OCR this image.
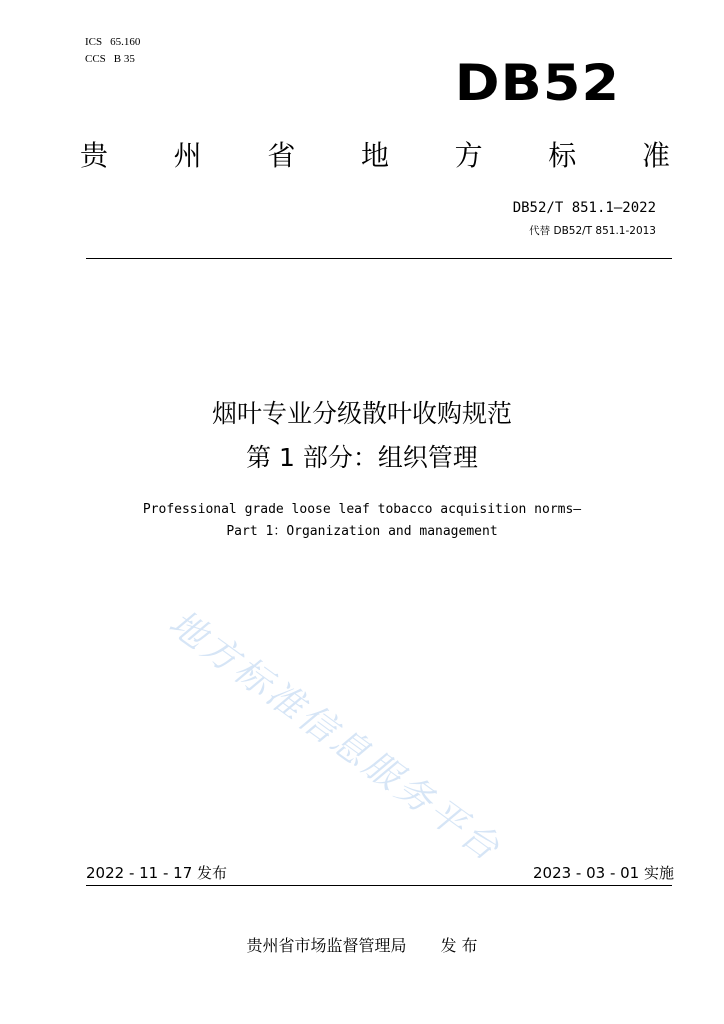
ICS 65.160
CCS B 35	DB52
贵 州 省 地 方 标 准
DB52/T 851.1—2022
代替 DB52/T 851.1-2013
烟叶专业分级散叶收购规范
第 1 部分：组织管理
Professional grade loose leaf tobacco acquisition norms—
Part 1：Organization and management
地方标准信息服务平台
2022 - 11 - 17 发布	2023 - 03 - 01 实施
贵州省市场监督管理局 发 布
